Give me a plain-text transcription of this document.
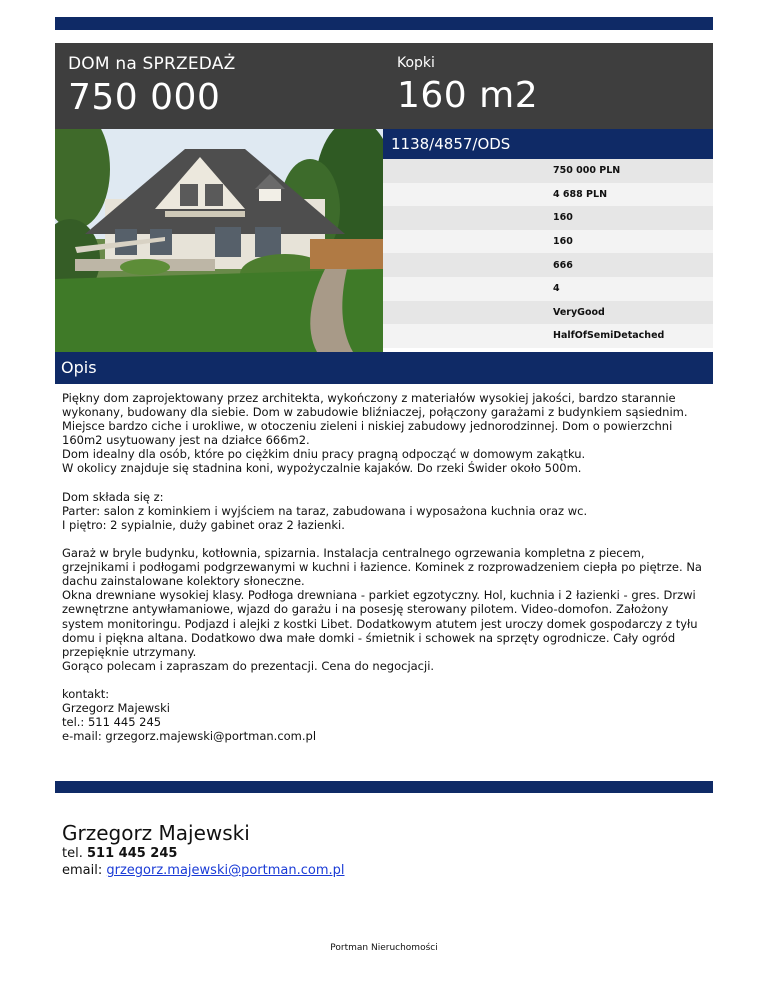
DOM na SPRZEDAŻ
750 000
Kopki
160 m2
1138/4857/ODS
750 000 PLN
4 688 PLN
160
160
666
4
VeryGood
HalfOfSemiDetached
Opis

Piękny dom zaprojektowany przez architekta, wykończony z materiałów wysokiej jakości, bardzo starannie wykonany, budowany dla siebie. Dom w zabudowie bliźniaczej, połączony garażami z budynkiem sąsiednim. Miejsce bardzo ciche i urokliwe, w otoczeniu zieleni i niskiej zabudowy jednorodzinnej. Dom o powierzchni 160m2 usytuowany jest na działce 666m2.
Dom idealny dla osób, które po ciężkim dniu pracy pragną odpocząć w domowym zakątku.
W okolicy znajduje się stadnina koni, wypożyczalnie kajaków. Do rzeki Świder około 500m.

Dom składa się z:
Parter: salon z kominkiem i wyjściem na taraz, zabudowana i wyposażona kuchnia oraz wc.
I piętro: 2 sypialnie, duży gabinet oraz 2 łazienki.

Garaż w bryle budynku, kotłownia, spizarnia. Instalacja centralnego ogrzewania kompletna z piecem, grzejnikami i podłogami podgrzewanymi w kuchni i łazience. Kominek z rozprowadzeniem ciepła po piętrze. Na dachu zainstalowane kolektory słoneczne.
Okna drewniane wysokiej klasy. Podłoga drewniana - parkiet egzotyczny. Hol, kuchnia i 2 łazienki - gres. Drzwi zewnętrzne antywłamaniowe, wjazd do garażu i na posesję sterowany pilotem. Video-domofon. Założony system monitoringu. Podjazd i alejki z kostki Libet. Dodatkowym atutem jest uroczy domek gospodarczy z tyłu domu i piękna altana. Dodatkowo dwa małe domki - śmietnik i schowek na sprzęty ogrodnicze. Cały ogród przepięknie utrzymany.
Gorąco polecam i zapraszam do prezentacji. Cena do negocjacji.

kontakt:
Grzegorz Majewski
tel.: 511 445 245
e-mail: grzegorz.majewski@portman.com.pl

Grzegorz Majewski
tel. 511 445 245
email: grzegorz.majewski@portman.com.pl
Portman Nieruchomości
